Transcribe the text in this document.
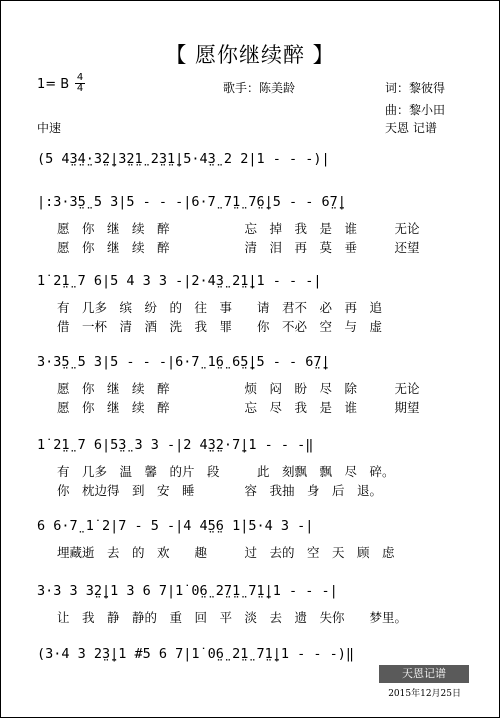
【 愿你继续醉 】
1= B $\frac{4}{4}$	歌手：陈美龄	词：黎彼得
曲：黎小田
中速	天恩 记谱
(5 4̤3̤4̤·3̤2̤|3̤2̤1̤ 2̤3̤1̤|5·4̤3̤ 2 2|1 - - -)|
|:3·3̤5̤ 5 3|5 - - -|6·7̤ 7̤1̤ 7̤6̤|5 - - 6̤7̤|
愿　你　继　续　醉　　　　　　忘　掉　我　是　谁　　　无论
愿　你　继　续　醉　　　　　　清　泪　再　莫　垂　　　还望
1̇ 2̤1̤ 7 6|5 4 3 3 -|2·4̤3̤ 2̤1̤|1 - - -|
有　几多　缤　纷　的　往　事　　请　君不　必　再　追
借　一杯　清　酒　洗　我　罪　　你　不必　空　与　虚
3·3̤5̤ 5 3|5 - - -|6·7̤ 1̤6̤ 6̤5̤|5 - - 6̤7̤|
愿　你　继　续　醉　　　　　　烦　闷　盼　尽　除　　　无论
愿　你　继　续　醉　　　　　　忘　尽　我　是　谁　　　期望
1̇ 2̤1̤ 7 6|5̤3̤ 3 3 -|2 4̤3̤2·7̤|1 - - -‖
有　几多　温　馨　的片　段　　　此　刻飘　飘　尽　碎。
你　枕边得　到　安　睡　　　　容　我抽　身　后　退。
6 6·7̤ 1̇ 2|7 - 5 -|4 4̤5̤6 1̇|5·4 3 -|
埋藏逝　去　的　欢　　趣　　　过　去的　空　天　顾　虑
3·3 3 3̤2̤|1 3 6 7|1̇ 0̤6̤ 2̤7̤1̤ 7̤1̤|1 - - -|
让　我　静　静的　重　回　平　淡　去　遗　失你　　梦里。
(3·4 3 2̤3̤|1 #5 6 7|1̇ 0̤6̤ 2̤1̤ 7̤1̤|1 - - -)‖
天恩记谱
2015年12月25日
